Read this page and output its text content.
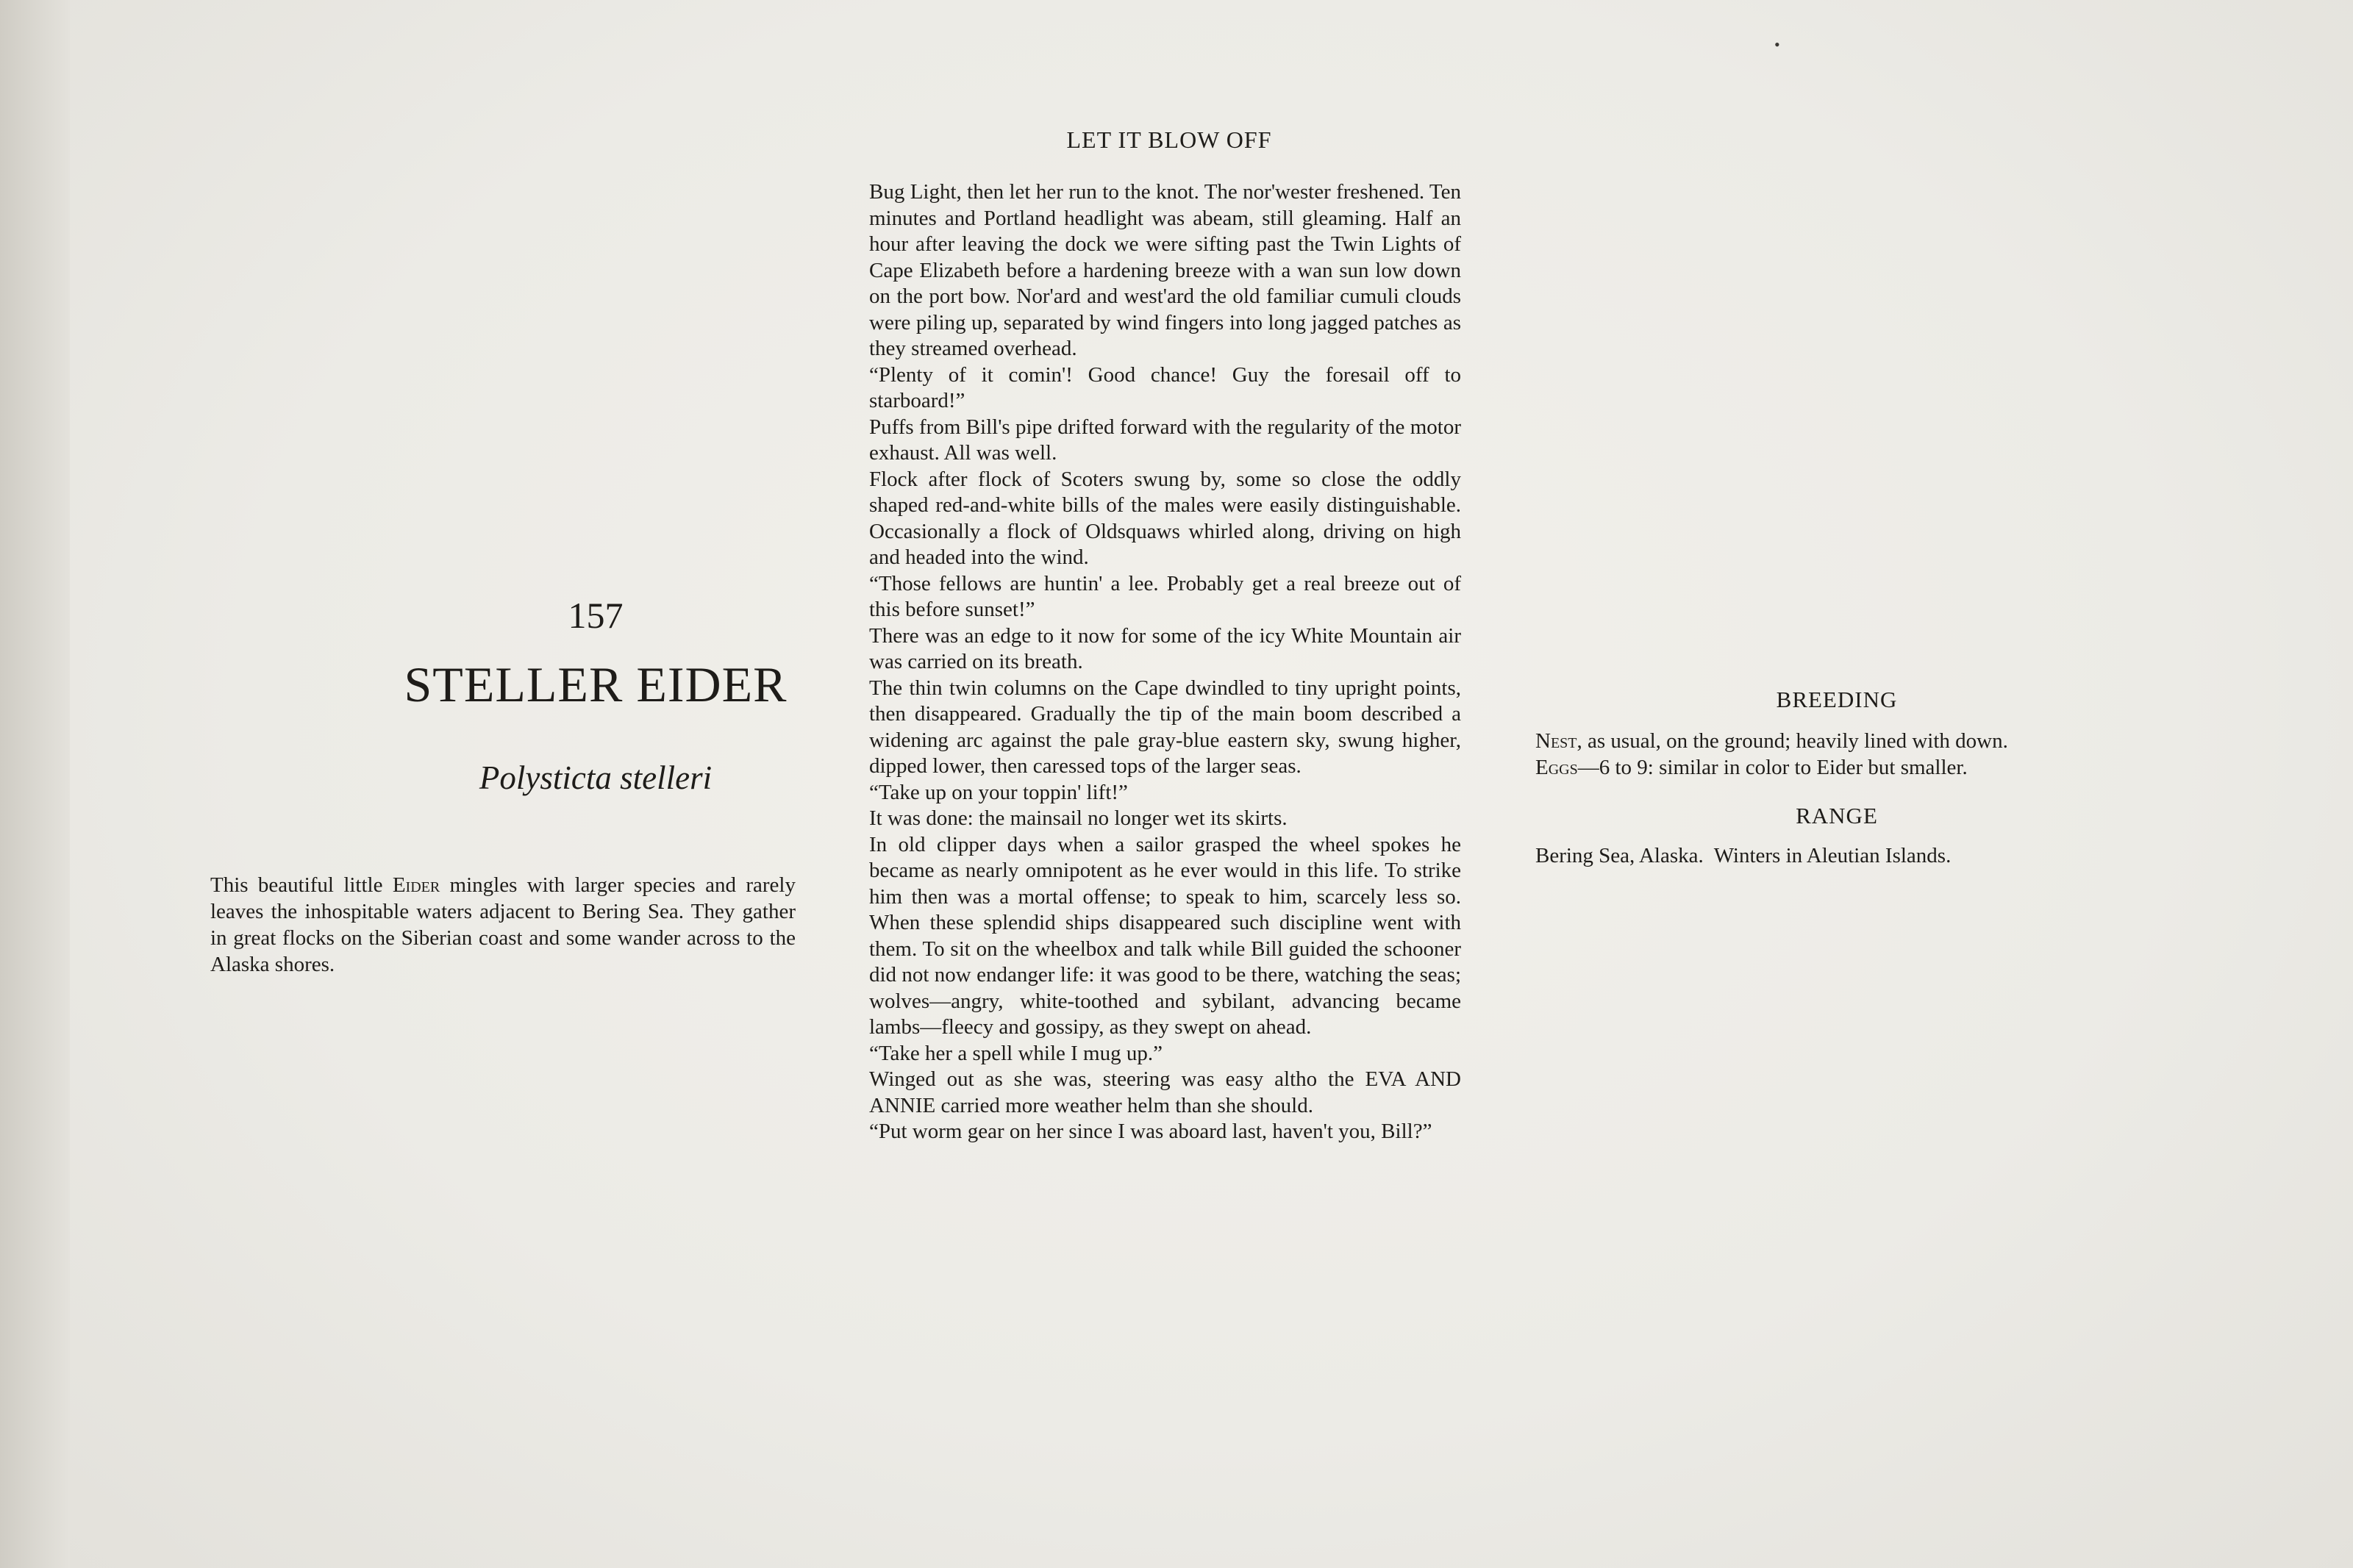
•
157
STELLER EIDER
Polysticta stelleri
This beautiful little Eider mingles with larger species and rarely leaves the inhospitable waters adjacent to Bering Sea. They gather in great flocks on the Siberian coast and some wander across to the Alaska shores.
LET IT BLOW OFF

Bug Light, then let her run to the knot. The nor'wester freshened. Ten minutes and Portland headlight was abeam, still gleaming. Half an hour after leaving the dock we were sifting past the Twin Lights of Cape Elizabeth before a hardening breeze with a wan sun low down on the port bow. Nor'ard and west'ard the old familiar cumuli clouds were piling up, separated by wind fingers into long jagged patches as they streamed overhead.

“Plenty of it comin'! Good chance! Guy the foresail off to starboard!”

Puffs from Bill's pipe drifted forward with the regularity of the motor exhaust. All was well.

Flock after flock of Scoters swung by, some so close the oddly shaped red-and-white bills of the males were easily distinguishable. Occasionally a flock of Oldsquaws whirled along, driving on high and headed into the wind.

“Those fellows are huntin' a lee. Probably get a real breeze out of this before sunset!”

There was an edge to it now for some of the icy White Mountain air was carried on its breath.

The thin twin columns on the Cape dwindled to tiny upright points, then disappeared. Gradually the tip of the main boom described a widening arc against the pale gray-blue eastern sky, swung higher, dipped lower, then caressed tops of the larger seas.

“Take up on your toppin' lift!”

It was done: the mainsail no longer wet its skirts.

In old clipper days when a sailor grasped the wheel spokes he became as nearly omnipotent as he ever would in this life. To strike him then was a mortal offense; to speak to him, scarcely less so. When these splendid ships disappeared such discipline went with them. To sit on the wheelbox and talk while Bill guided the schooner did not now endanger life: it was good to be there, watching the seas; wolves—angry, white-toothed and sybilant, advancing became lambs—fleecy and gossipy, as they swept on ahead.

“Take her a spell while I mug up.”

Winged out as she was, steering was easy altho the EVA AND ANNIE carried more weather helm than she should.

“Put worm gear on her since I was aboard last, haven't you, Bill?”

BREEDING
Nest, as usual, on the ground; heavily lined with down.
Eggs—6 to 9: similar in color to Eider but smaller.
RANGE
Bering Sea, Alaska.  Winters in Aleutian Islands.
